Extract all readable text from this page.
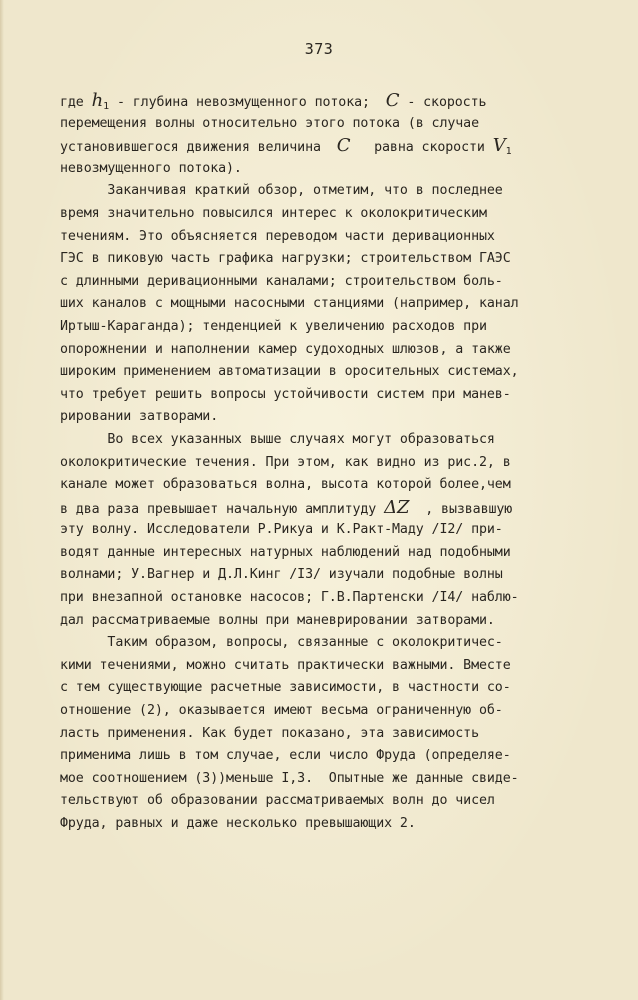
373
где $h_1$ - глубина невозмущенного потока;  C - скорость
перемещения волны относительно этого потока (в случае
установившегося движения величина  C   равна скорости $V_1$
невозмущенного потока).
Заканчивая краткий обзор, отметим, что в последнее
время значительно повысился интерес к околокритическим
течениям. Это объясняется переводом части деривационных
ГЭС в пиковую часть графика нагрузки; строительством ГАЭС
с длинными деривационными каналами; строительством боль-
ших каналов с мощными насосными станциями (например, канал
Иртыш-Караганда); тенденцией к увеличению расходов при
опорожнении и наполнении камер судоходных шлюзов, а также
широким применением автоматизации в оросительных системах,
что требует решить вопросы устойчивости систем при манев-
рировании затворами.
Во всех указанных выше случаях могут образоваться
околокритические течения. При этом, как видно из рис.2, в
канале может образоваться волна, высота которой более,чем
в два раза превышает начальную амплитуду ΔZ  , вызвавшую
эту волну. Исследователи Р.Рикуа и К.Ракт-Маду /I2/ при-
водят данные интересных натурных наблюдений над подобными
волнами; У.Вагнер и Д.Л.Кинг /I3/ изучали подобные волны
при внезапной остановке насосов; Г.В.Партенски /I4/ наблю-
дал рассматриваемые волны при маневрировании затворами.
Таким образом, вопросы, связанные с околокритичес-
кими течениями, можно считать практически важными. Вместе
с тем существующие расчетные зависимости, в частности со-
отношение (2), оказывается имеют весьма ограниченную об-
ласть применения. Как будет показано, эта зависимость
применима лишь в том случае, если число Фруда (определяе-
мое соотношением (3))меньше I,3.  Опытные же данные свиде-
тельствуют об образовании рассматриваемых волн до чисел
Фруда, равных и даже несколько превышающих 2.
